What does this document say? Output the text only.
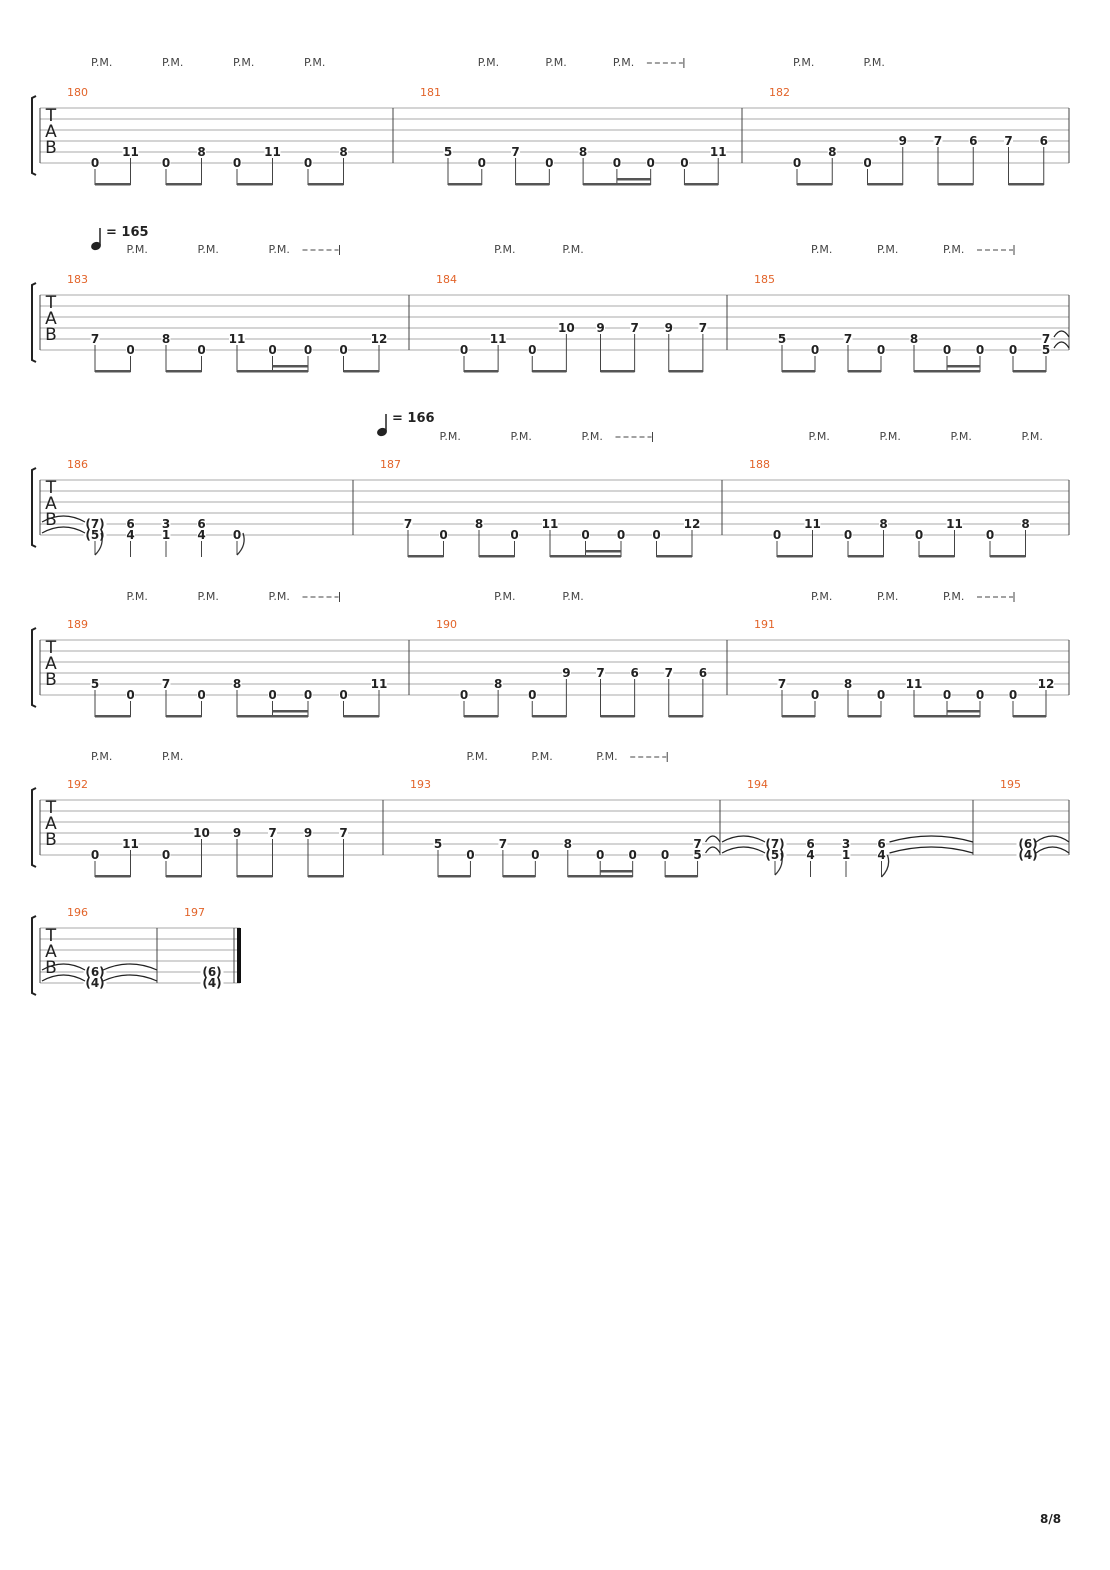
T
A
B
180
0
11
0
8
0
11
0
8
181
5
0
7
0
8
0 0 0
11
182
0
8
0
9 7 6 7 6
P.M.	P.M.	P.M.	P.M.	P.M.	P.M.	P.M.	P.M.	P.M.
T
A
B
= 165
183
7
0
8
0
11
0 0 0
12
184
0
11
0
10 9 7 9 7
185
5
0
7
0
8
0 0 0
7
5
P.M.	P.M.	P.M.	P.M.	P.M.	P.M.	P.M.	P.M.
T
A
B
= 166
186
(7)
(5)
6
4
3
1
6
4 0
187
7
0
8
0
11
0 0 0
12
188
0
11
0
8
0
11
0
8
P.M.	P.M.	P.M.	P.M.	P.M.	P.M.	P.M.
T
A
B
189
5
0
7
0
8
0 0 0
11
190
0
8
0
9 7 6 7 6
191
7
0
8
0
11
0 0 0
12
P.M.	P.M.	P.M.	P.M.	P.M.	P.M.	P.M.	P.M.
T
A
B
192
0
11
0
10 9 7 9 7
193
5
0
7
0
8
0 0 0
7
5
194
(7)
(5)
6
4
3
1
6
4
195
(6)
(4)
P.M.	P.M.	P.M.	P.M.	P.M.
T
A
B
196
(6)
(4)
197
(6)
(4)
8/8
